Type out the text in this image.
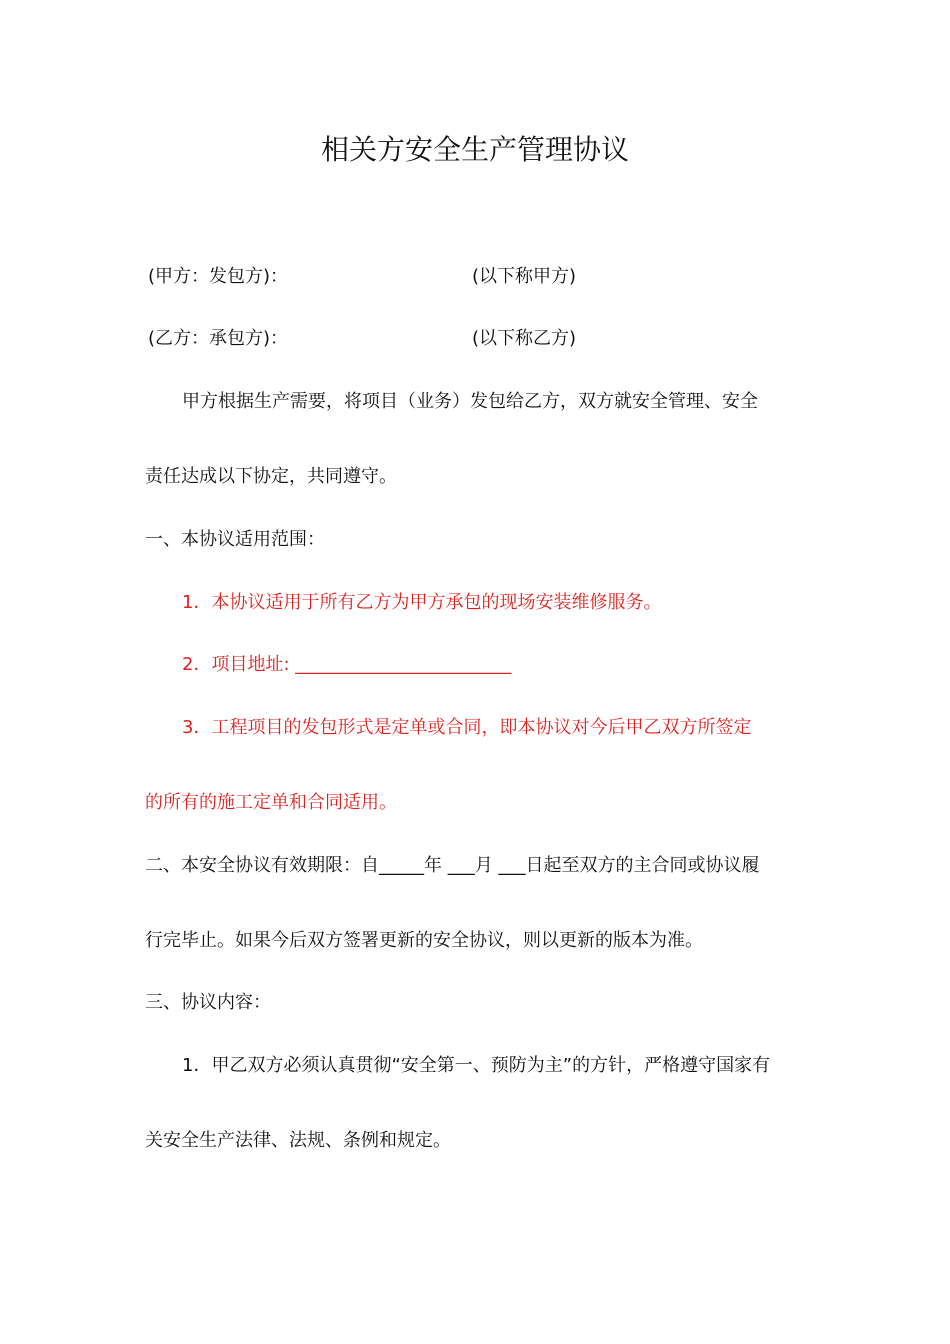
相关方安全生产管理协议
(甲方：发包方)：	(以下称甲方)
(乙方：承包方)：	(以下称乙方)
甲方根据生产需要，将项目（业务）发包给乙方，双方就安全管理、安全
责任达成以下协定，共同遵守。
一、本协议适用范围：
1．本协议适用于所有乙方为甲方承包的现场安装维修服务。
2．项目地址: ________________________
3．工程项目的发包形式是定单或合同，即本协议对今后甲乙双方所签定
的所有的施工定单和合同适用。
二、本安全协议有效期限：自_____年 ___月 ___日起至双方的主合同或协议履
行完毕止。如果今后双方签署更新的安全协议，则以更新的版本为准。
三、协议内容：
1．甲乙双方必须认真贯彻“安全第一、预防为主”的方针，严格遵守国家有
关安全生产法律、法规、条例和规定。
